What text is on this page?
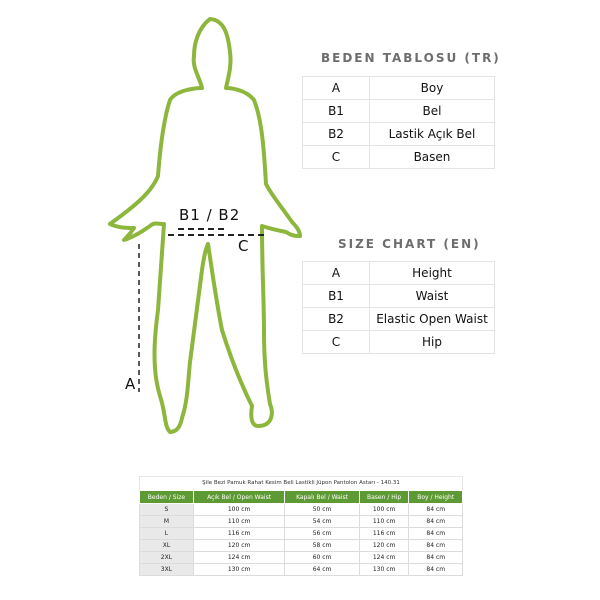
B1 / B2
C
A
BEDEN TABLOSU (TR)
A	Boy
B1	Bel
B2	Lastik Açık Bel
C	Basen
SIZE CHART (EN)
A	Height
B1	Waist
B2	Elastic Open Waist
C	Hip
Şile Bezi Pamuk Rahat Kesim Beli Lastikli Jüpon Pantolon Astarı - 140.31
Beden / Size	Açık Bel / Open Waist	Kapalı Bel / Waist	Basen / Hip	Boy / Height
S	100 cm	50 cm	100 cm	84 cm
M	110 cm	54 cm	110 cm	84 cm
L	116 cm	56 cm	116 cm	84 cm
XL	120 cm	58 cm	120 cm	84 cm
2XL	124 cm	60 cm	124 cm	84 cm
3XL	130 cm	64 cm	130 cm	84 cm
